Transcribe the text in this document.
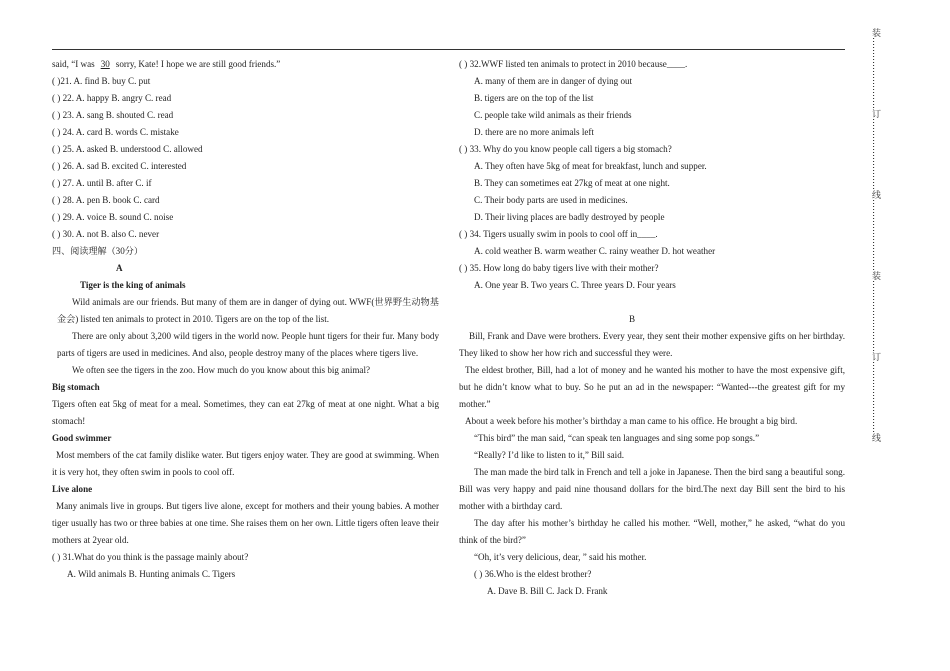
said, “I was 30 sorry, Kate! I hope we are still good friends.”
( )21. A. find B. buy C. put
( ) 22. A. happy B. angry C. read
( ) 23. A. sang B. shouted C. read
( ) 24. A. card B. words C. mistake
( ) 25. A. asked B. understood C. allowed
( ) 26. A. sad B. excited C. interested
( ) 27. A. until B. after C. if
( ) 28. A. pen B. book C. card
( ) 29. A. voice B. sound C. noise
( ) 30. A. not B. also C. never
四、阅读理解（30分）
A
Tiger is the king of animals
Wild animals are our friends. But many of them are in danger of dying out. WWF(世界野生动物基金会) listed ten animals to protect in 2010. Tigers are on the top of the list.
There are only about 3,200 wild tigers in the world now. People hunt tigers for their fur. Many body parts of tigers are used in medicines. And also, people destroy many of the places where tigers live.
We often see the tigers in the zoo. How much do you know about this big animal?
Big stomach
Tigers often eat 5kg of meat for a meal. Sometimes, they can eat 27kg of meat at one night. What a big stomach!
Good swimmer
Most members of the cat family dislike water. But tigers enjoy water. They are good at swimming. When it is very hot, they often swim in pools to cool off.
Live alone
Many animals live in groups. But tigers live alone, except for mothers and their young babies. A mother tiger usually has two or three babies at one time. She raises them on her own. Little tigers often leave their mothers at 2year old.
( ) 31.What do you think is the passage mainly about?
A. Wild animals B. Hunting animals C. Tigers
( ) 32.WWF listed ten animals to protect in 2010 because____.
A. many of them are in danger of dying out
B. tigers are on the top of the list
C. people take wild animals as their friends
D. there are no more animals left
( ) 33. Why do you know people call tigers a big stomach?
A. They often have 5kg of meat for breakfast, lunch and supper.
B. They can sometimes eat 27kg of meat at one night.
C. Their body parts are used in medicines.
D. Their living places are badly destroyed by people
( ) 34. Tigers usually swim in pools to cool off in____.
A. cold weather B. warm weather C. rainy weather D. hot weather
( ) 35. How long do baby tigers live with their mother?
A. One year B. Two years C. Three years D. Four years
B
Bill, Frank and Dave were brothers. Every year, they sent their mother expensive gifts on her birthday. They liked to show her how rich and successful they were.
The eldest brother, Bill, had a lot of money and he wanted his mother to have the most expensive gift, but he didn’t know what to buy. So he put an ad in the newspaper: “Wanted---the greatest gift for my mother.”
About a week before his mother’s birthday a man came to his office. He brought a big bird.
“This bird” the man said, “can speak ten languages and sing some pop songs.”
“Really? I’d like to listen to it,” Bill said.
The man made the bird talk in French and tell a joke in Japanese. Then the bird sang a beautiful song. Bill was very happy and paid nine thousand dollars for the bird.The next day Bill sent the bird to his mother with a birthday card.
The day after his mother’s birthday he called his mother. “Well, mother,” he asked, “what do you think of the bird?”
“Oh, it’s very delicious, dear, ” said his mother.
( ) 36.Who is the eldest brother?
A. Dave B. Bill C. Jack D. Frank
装……………………订……………………线……………………装……………………订……………………线
